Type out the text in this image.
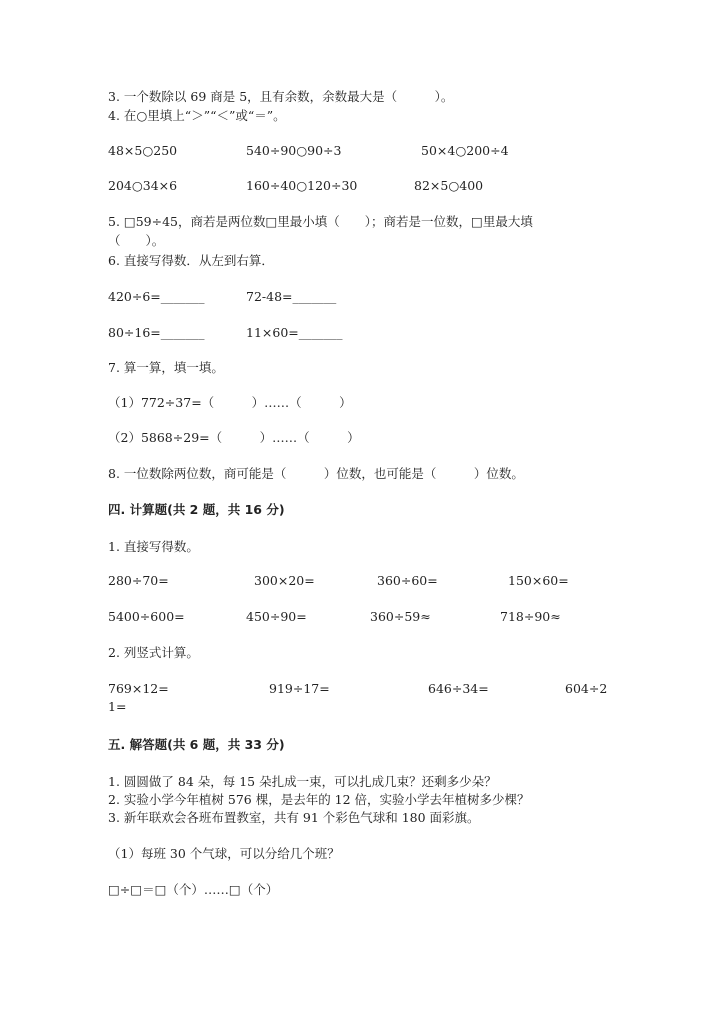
3. 一个数除以 69 商是 5，且有余数，余数最大是（　　　）。
4. 在○里填上“＞”“＜”或“＝”。
48×5○250	540÷90○90÷3	50×4○200÷4
204○34×6	160÷40○120÷30	82×5○400
5. □59÷45，商若是两位数□里最小填（　　）；商若是一位数，□里最大填
（　　）。
6. 直接写得数．从左到右算．
420÷6=_______	72-48=_______
80÷16=_______	11×60=_______
7. 算一算，填一填。
（1）772÷37=（　　　）……（　　　）
（2）5868÷29=（　　　）……（　　　）
8. 一位数除两位数，商可能是（　　　）位数，也可能是（　　　）位数。
四. 计算题(共 2 题，共 16 分)
1. 直接写得数。
280÷70=	300×20=	360÷60=	150×60=
5400÷600=	450÷90=	360÷59≈	718÷90≈
2. 列竖式计算。
769×12=	919÷17=	646÷34=	604÷2
1=
五. 解答题(共 6 题，共 33 分)
1. 圆圆做了 84 朵，每 15 朵扎成一束，可以扎成几束？还剩多少朵？
2. 实验小学今年植树 576 棵，是去年的 12 倍，实验小学去年植树多少棵？
3. 新年联欢会各班布置教室，共有 91 个彩色气球和 180 面彩旗。
（1）每班 30 个气球，可以分给几个班？
□÷□＝□（个）……□（个）
